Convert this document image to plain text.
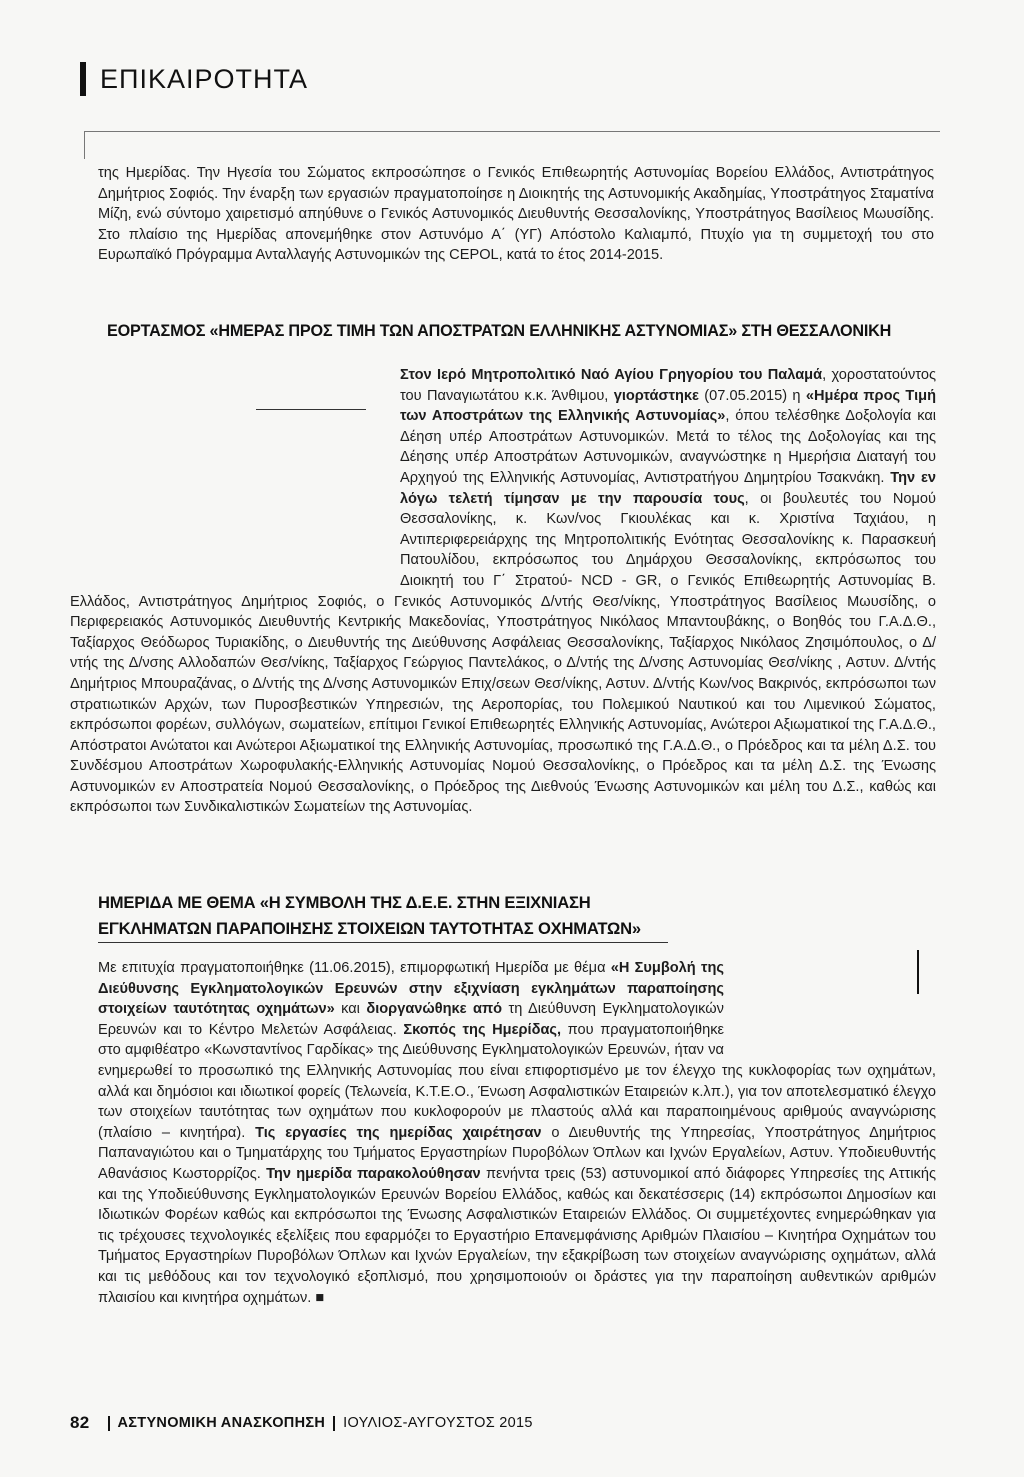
ΕΠΙΚΑΙΡΟΤΗΤΑ

της Ημερίδας. Την Ηγεσία του Σώματος εκπροσώπησε ο Γενικός Επιθεωρητής Αστυνομίας Βορείου Ελλάδος, Αντιστράτηγος Δημήτριος Σοφιός. Την έναρξη των εργασιών πραγματοποίησε η Διοικητής της Αστυνομικής Ακαδημίας, Υποστράτηγος Σταματίνα Μίζη, ενώ σύντομο χαιρετισμό απηύθυνε ο Γενικός Αστυνομικός Διευθυντής Θεσσαλονίκης, Υποστράτηγος Βασίλειος Μωυσίδης. Στο πλαίσιο της Ημερίδας απονεμήθηκε στον Αστυνόμο Α΄ (ΥΓ) Απόστολο Καλιαμπό, Πτυχίο για τη συμμετοχή του στο Ευρωπαϊκό Πρόγραμμα Ανταλλαγής Αστυνομικών της CEPOL, κατά το έτος 2014-2015.

ΕΟΡΤΑΣΜΟΣ «ΗΜΕΡΑΣ ΠΡΟΣ ΤΙΜΗ ΤΩΝ ΑΠΟΣΤΡΑΤΩΝ ΕΛΛΗΝΙΚΗΣ ΑΣΤΥΝΟΜΙΑΣ» ΣΤΗ ΘΕΣΣΑΛΟΝΙΚΗ

Στον Ιερό Μητροπολιτικό Ναό Αγίου Γρηγορίου του Παλαμά, χοροστατούντος του Παναγιωτάτου κ.κ. Άνθιμου, γιορτάστηκε (07.05.2015) η «Ημέρα προς Τιμή των Αποστράτων της Ελληνικής Αστυνομίας», όπου τελέσθηκε Δοξολογία και Δέηση υπέρ Αποστράτων Αστυνομικών. Μετά το τέλος της Δοξολογίας και της Δέησης υπέρ Αποστράτων Αστυνομικών, αναγνώστηκε η Ημερήσια Διαταγή του Αρχηγού της Ελληνικής Αστυνομίας, Αντιστρατήγου Δημητρίου Τσακνάκη. Την εν λόγω τελετή τίμησαν με την παρουσία τους, οι βουλευτές του Νομού Θεσσαλονίκης, κ. Κων/νος Γκιουλέκας και κ. Χριστίνα Ταχιάου, η Αντιπεριφερειάρχης της Μητροπολιτικής Ενότητας Θεσσαλονίκης κ. Παρασκευή Πατουλίδου, εκπρόσωπος του Δημάρχου Θεσσαλονίκης, εκπρόσωπος του Διοικητή του Γ΄ Στρατού- NCD - GR, ο Γενικός Επιθεωρητής Αστυνομίας Β. Ελλάδος, Αντιστράτηγος Δημήτριος Σοφιός, ο Γενικός Αστυνομικός Δ/ντής Θεσ/νίκης, Υποστράτηγος Βασίλειος Μωυσίδης, ο Περιφερειακός Αστυνομικός Διευθυντής Κεντρικής Μακεδονίας, Υποστράτηγος Νικόλαος Μπαντουβάκης, ο Βοηθός του Γ.Α.Δ.Θ., Ταξίαρχος Θεόδωρος Τυριακίδης, ο Διευθυντής της Διεύθυνσης Ασφάλειας Θεσσαλονίκης, Ταξίαρχος Νικόλαος Ζησιμόπουλος, ο Δ/ντής της Δ/νσης Αλλοδαπών Θεσ/νίκης, Ταξίαρχος Γεώργιος Παντελάκος, ο Δ/ντής της Δ/νσης Αστυνομίας Θεσ/νίκης , Αστυν. Δ/ντής Δημήτριος Μπουραζάνας, ο Δ/ντής της Δ/νσης Αστυνομικών Επιχ/σεων Θεσ/νίκης, Αστυν. Δ/ντής Κων/νος Βακρινός, εκπρόσωποι των στρατιωτικών Αρχών, των Πυροσβεστικών Υπηρεσιών, της Αεροπορίας, του Πολεμικού Ναυτικού και του Λιμενικού Σώματος, εκπρόσωποι φορέων, συλλόγων, σωματείων, επίτιμοι Γενικοί Επιθεωρητές Ελληνικής Αστυνομίας, Ανώτεροι Αξιωματικοί της Γ.Α.Δ.Θ., Απόστρατοι Ανώτατοι και Ανώτεροι Αξιωματικοί της Ελληνικής Αστυνομίας, προσωπικό της Γ.Α.Δ.Θ., ο Πρόεδρος και τα μέλη Δ.Σ. του Συνδέσμου Αποστράτων Χωροφυλακής-Ελληνικής Αστυνομίας Νομού Θεσσαλονίκης, ο Πρόεδρος και τα μέλη Δ.Σ. της Ένωσης Αστυνομικών εν Αποστρατεία Νομού Θεσσαλονίκης, ο Πρόεδρος της Διεθνούς Ένωσης Αστυνομικών και μέλη του Δ.Σ., καθώς και εκπρόσωποι των Συνδικαλιστικών Σωματείων της Αστυνομίας.

ΗΜΕΡΙΔΑ ΜΕ ΘΕΜΑ «Η ΣΥΜΒΟΛΗ ΤΗΣ Δ.Ε.Ε. ΣΤΗΝ ΕΞΙΧΝΙΑΣΗ
ΕΓΚΛΗΜΑΤΩΝ ΠΑΡΑΠΟΙΗΣΗΣ ΣΤΟΙΧΕΙΩΝ ΤΑΥΤΟΤΗΤΑΣ ΟΧΗΜΑΤΩΝ»

Με επιτυχία πραγματοποιήθηκε (11.06.2015), επιμορφωτική Ημερίδα με θέμα «Η Συμβολή της Διεύθυνσης Εγκληματολογικών Ερευνών στην εξιχνίαση εγκλημάτων παραποίησης στοιχείων ταυτότητας οχημάτων» και διοργανώθηκε από τη Διεύθυνση Εγκληματολογικών Ερευνών και το Κέντρο Μελετών Ασφάλειας. Σκοπός της Ημερίδας, που πραγματοποιήθηκε στο αμφιθέατρο «Κωνσταντίνος Γαρδίκας» της Διεύθυνσης Εγκληματολογικών Ερευνών, ήταν να ενημερωθεί το προσωπικό της Ελληνικής Αστυνομίας που είναι επιφορτισμένο με τον έλεγχο της κυκλοφορίας των οχημάτων, αλλά και δημόσιοι και ιδιωτικοί φορείς (Τελωνεία, Κ.Τ.Ε.Ο., Ένωση Ασφαλιστικών Εταιρειών κ.λπ.), για τον αποτελεσματικό έλεγχο των στοιχείων ταυτότητας των οχημάτων που κυκλοφορούν με πλαστούς αλλά και παραποιημένους αριθμούς αναγνώρισης (πλαίσιο – κινητήρα). Τις εργασίες της ημερίδας χαιρέτησαν ο Διευθυντής της Υπηρεσίας, Υποστράτηγος Δημήτριος Παπαναγιώτου και ο Τμηματάρχης του Τμήματος Εργαστηρίων Πυροβόλων Όπλων και Ιχνών Εργαλείων, Αστυν. Υποδιευθυντής Αθανάσιος Κωστορρίζος. Την ημερίδα παρακολούθησαν πενήντα τρεις (53) αστυνομικοί από διάφορες Υπηρεσίες της Αττικής και της Υποδιεύθυνσης Εγκληματολογικών Ερευνών Βορείου Ελλάδος, καθώς και δεκατέσσερις (14) εκπρόσωποι Δημοσίων και Ιδιωτικών Φορέων καθώς και εκπρόσωποι της Ένωσης Ασφαλιστικών Εταιρειών Ελλάδος. Οι συμμετέχοντες ενημερώθηκαν για τις τρέχουσες τεχνολογικές εξελίξεις που εφαρμόζει το Εργαστήριο Επανεμφάνισης Αριθμών Πλαισίου – Κινητήρα Οχημάτων του Τμήματος Εργαστηρίων Πυροβόλων Όπλων και Ιχνών Εργαλείων, την εξακρίβωση των στοιχείων αναγνώρισης οχημάτων, αλλά και τις μεθόδους και τον τεχνολογικό εξοπλισμό, που χρησιμοποιούν οι δράστες για την παραποίηση αυθεντικών αριθμών πλαισίου και κινητήρα οχημάτων. ■

82 ΑΣΤΥΝΟΜΙΚΗ ΑΝΑΣΚΟΠΗΣΗ ΙΟΥΛΙΟΣ-ΑΥΓΟΥΣΤΟΣ 2015
